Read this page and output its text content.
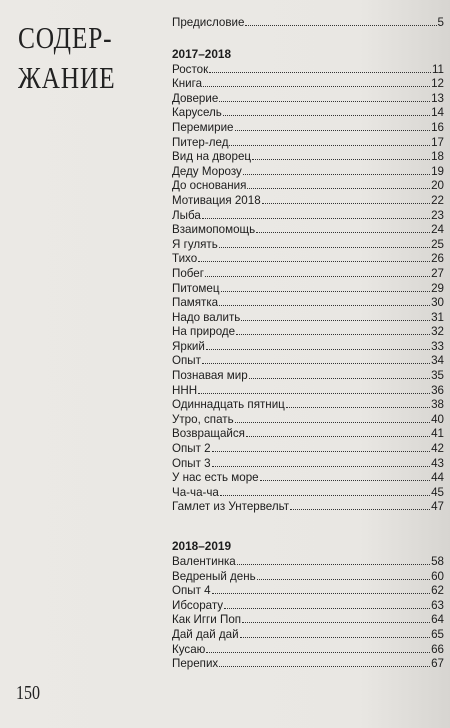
СОДЕР-
ЖАНИЕ
Предисловие	5
2017–2018
Росток	11
Книга	12
Доверие	13
Карусель	14
Перемирие	16
Питер-лед	17
Вид на дворец	18
Деду Морозу	19
До основания	20
Мотивация 2018	22
Лыба	23
Взаимопомощь	24
Я гулять	25
Тихо	26
Побег	27
Питомец	29
Памятка	30
Надо валить	31
На природе	32
Яркий	33
Опыт	34
Познавая мир	35
ННН	36
Одиннадцать пятниц	38
Утро, спать	40
Возвращайся	41
Опыт 2	42
Опыт 3	43
У нас есть море	44
Ча-ча-ча	45
Гамлет из Унтервельт	47
2018–2019
Валентинка	58
Ведреный день	60
Опыт 4	62
Ибсорату	63
Как Игги Поп	64
Дай дай дай	65
Кусаю	66
Перепих	67
150
